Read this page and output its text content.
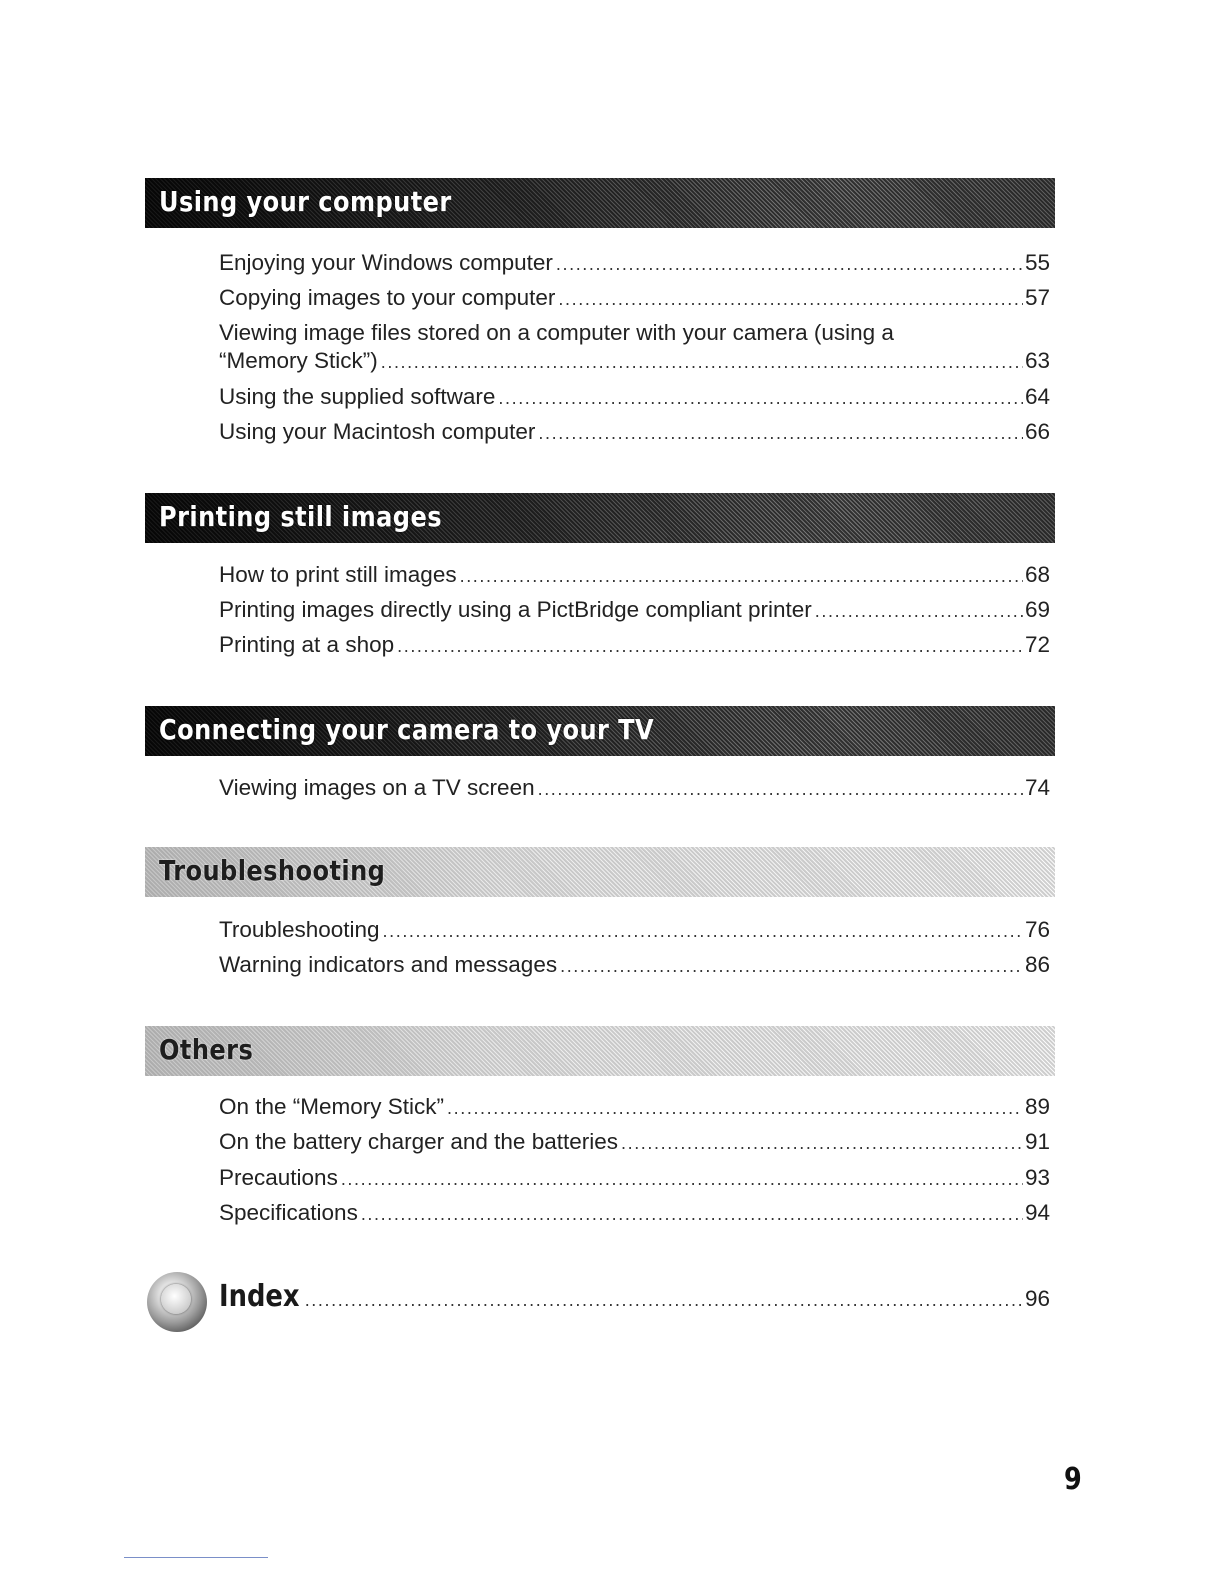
Using your computer
Enjoying your Windows computer .....	55
Copying images to your computer .....	57
Viewing image files stored on a computer with your camera (using a
“Memory Stick”) .....	63
Using the supplied software .....	64
Using your Macintosh computer .....	66
Printing still images
How to print still images .....	68
Printing images directly using a PictBridge compliant printer .....	69
Printing at a shop .....	72
Connecting your camera to your TV
Viewing images on a TV screen .....	74
Troubleshooting
Troubleshooting .....	76
Warning indicators and messages .....	86
Others
On the “Memory Stick” .....	89
On the battery charger and the batteries .....	91
Precautions .....	93
Specifications .....	94
Index .....	96
9
